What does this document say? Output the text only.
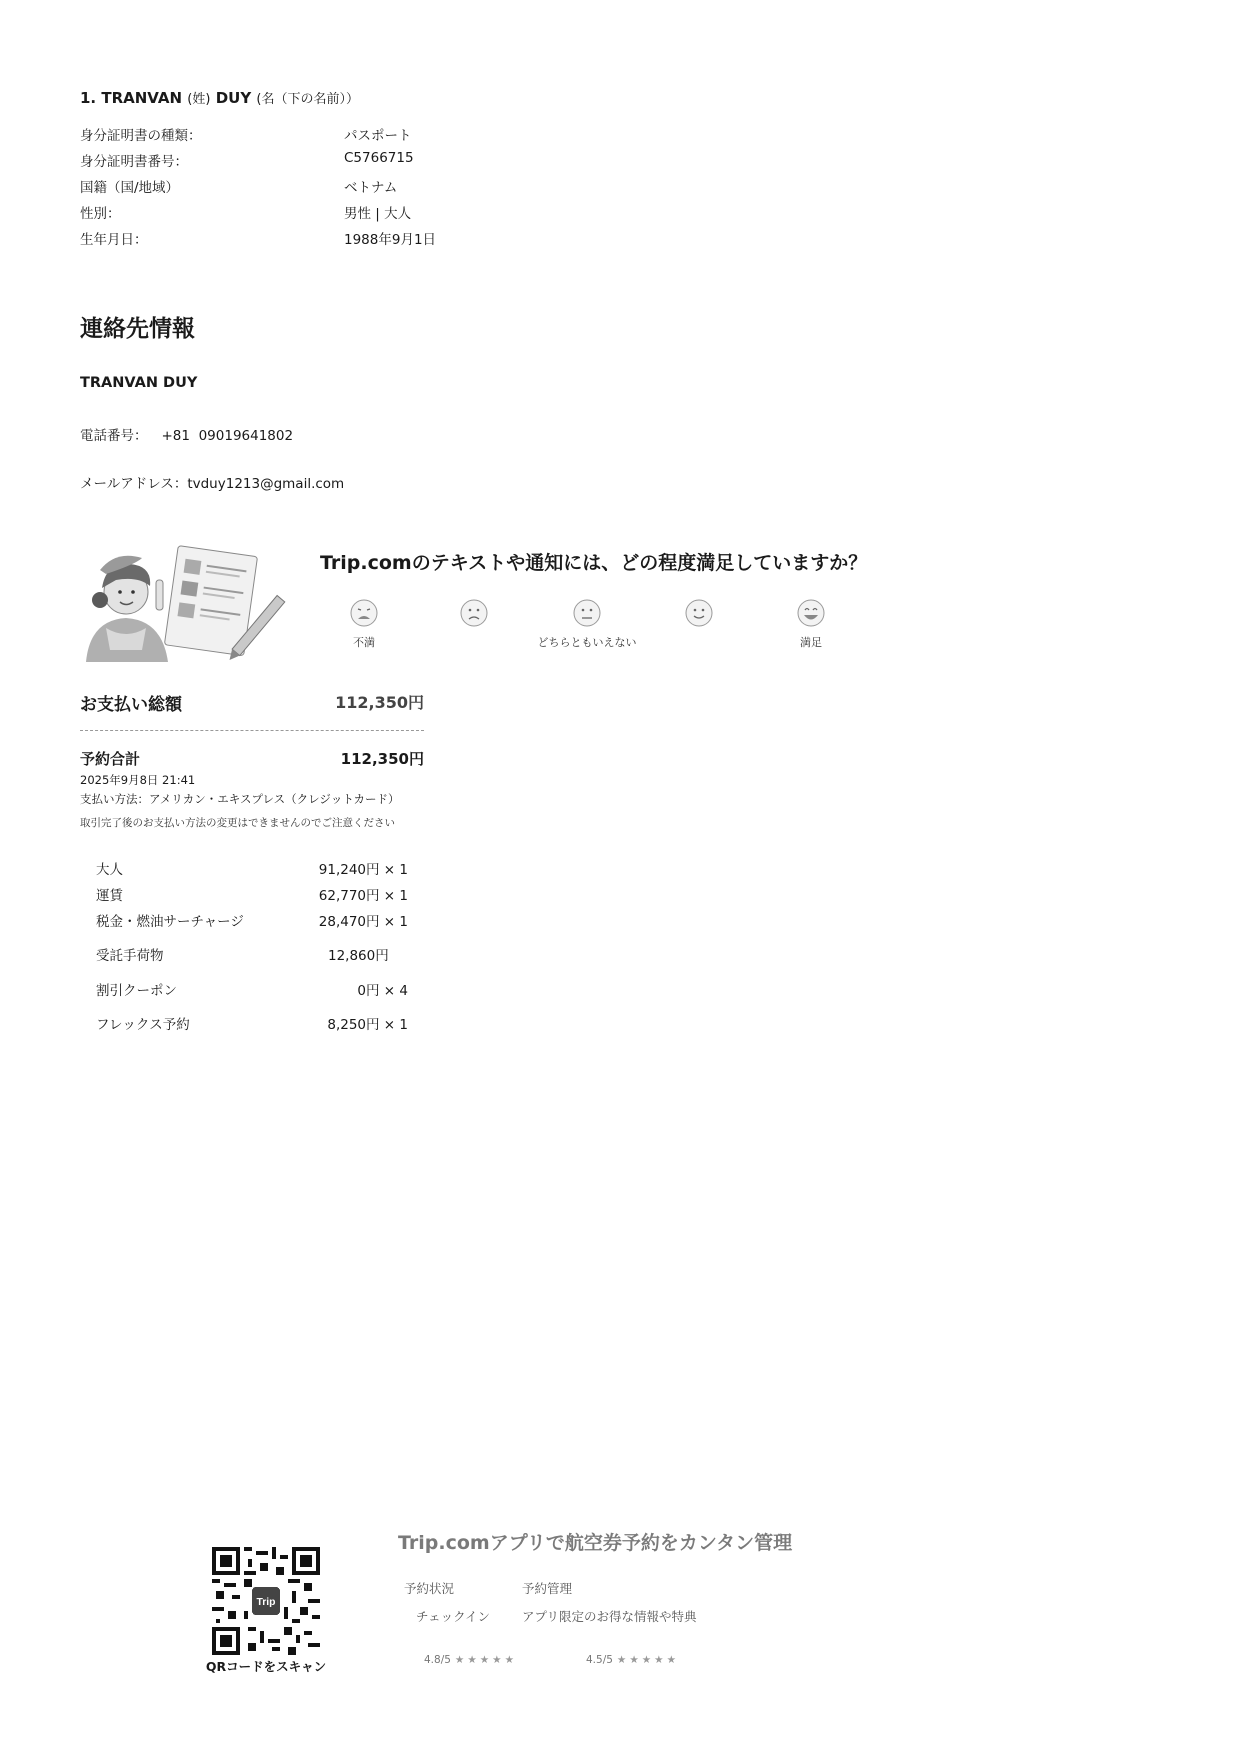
1. TRANVAN (姓) DUY (名（下の名前））
身分証明書の種類：	パスポート
身分証明書番号：	C5766715
国籍（国/地域）	ベトナム
性別：	男性 | 大人
生年月日：	1988年9月1日
連絡先情報
TRANVAN DUY
電話番号： +81 09019641802
メールアドレス：tvduy1213@gmail.com
Trip.comのテキストや通知には、どの程度満足していますか？
不満	どちらともいえない	満足
お支払い総額	112,350円
予約合計	112,350円
2025年9月8日 21:41
支払い方法：アメリカン・エキスプレス（クレジットカード）
取引完了後のお支払い方法の変更はできませんのでご注意ください
大人	91,240円 × 1
運賃	62,770円 × 1
税金・燃油サーチャージ	28,470円 × 1
受託手荷物	12,860円
割引クーポン	0円 × 4
フレックス予約	8,250円 × 1
Trip
QRコードをスキャン
Trip.comアプリで航空券予約をカンタン管理
予約状況	予約管理
チェックイン	アプリ限定のお得な情報や特典
4.8/5 ★★★★★	4.5/5 ★★★★★
